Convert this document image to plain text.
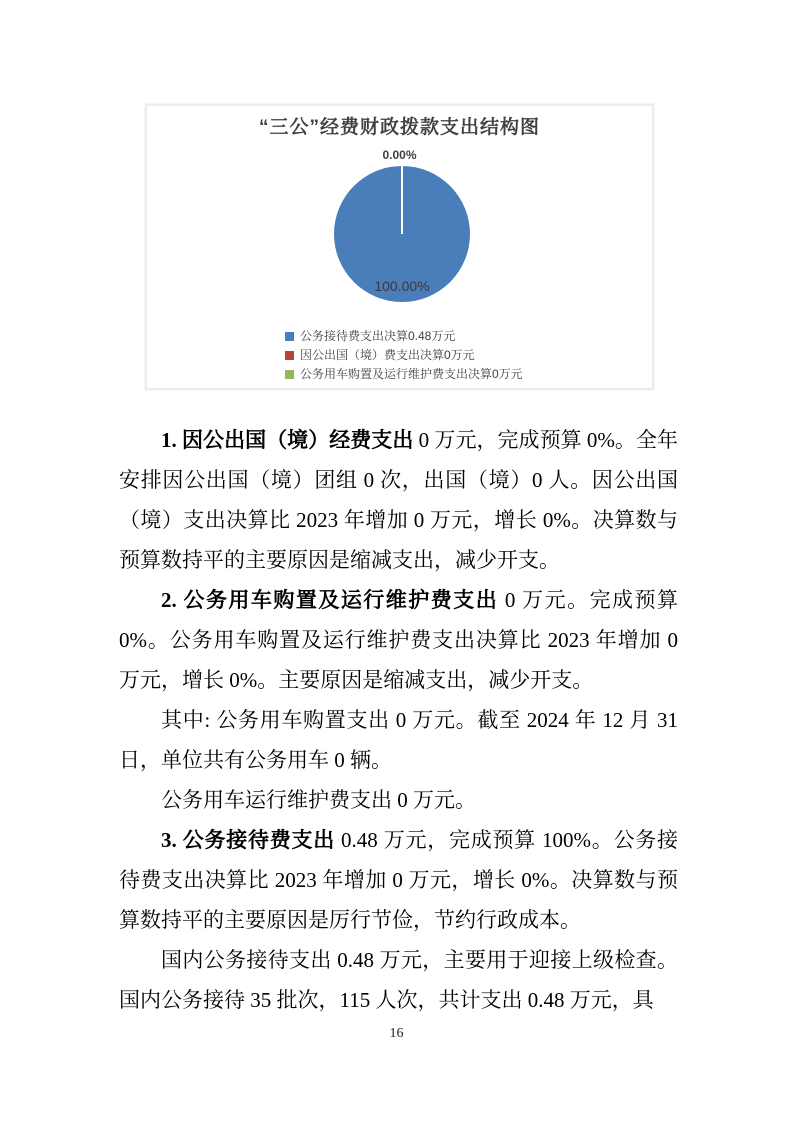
“三公”经费财政拨款支出结构图
0.00%
100.00%
公务接待费支出决算0.48万元
因公出国（境）费支出决算0万元
公务用车购置及运行维护费支出决算0万元

1. 因公出国（境）经费支出 0 万元，完成预算 0%。全年安排因公出国（境）团组 0 次，出国（境）0 人。因公出国（境）支出决算比 2023 年增加 0 万元，增长 0%。决算数与预算数持平的主要原因是缩减支出，减少开支。

2. 公务用车购置及运行维护费支出 0 万元。完成预算 0%。公务用车购置及运行维护费支出决算比 2023 年增加 0 万元，增长 0%。主要原因是缩减支出，减少开支。

其中: 公务用车购置支出 0 万元。截至 2024 年 12 月 31 日，单位共有公务用车 0 辆。

公务用车运行维护费支出 0 万元。

3. 公务接待费支出 0.48 万元，完成预算 100%。公务接待费支出决算比 2023 年增加 0 万元，增长 0%。决算数与预算数持平的主要原因是厉行节俭，节约行政成本。

国内公务接待支出 0.48 万元，主要用于迎接上级检查。国内公务接待 35 批次，115 人次，共计支出 0.48 万元，具

16
